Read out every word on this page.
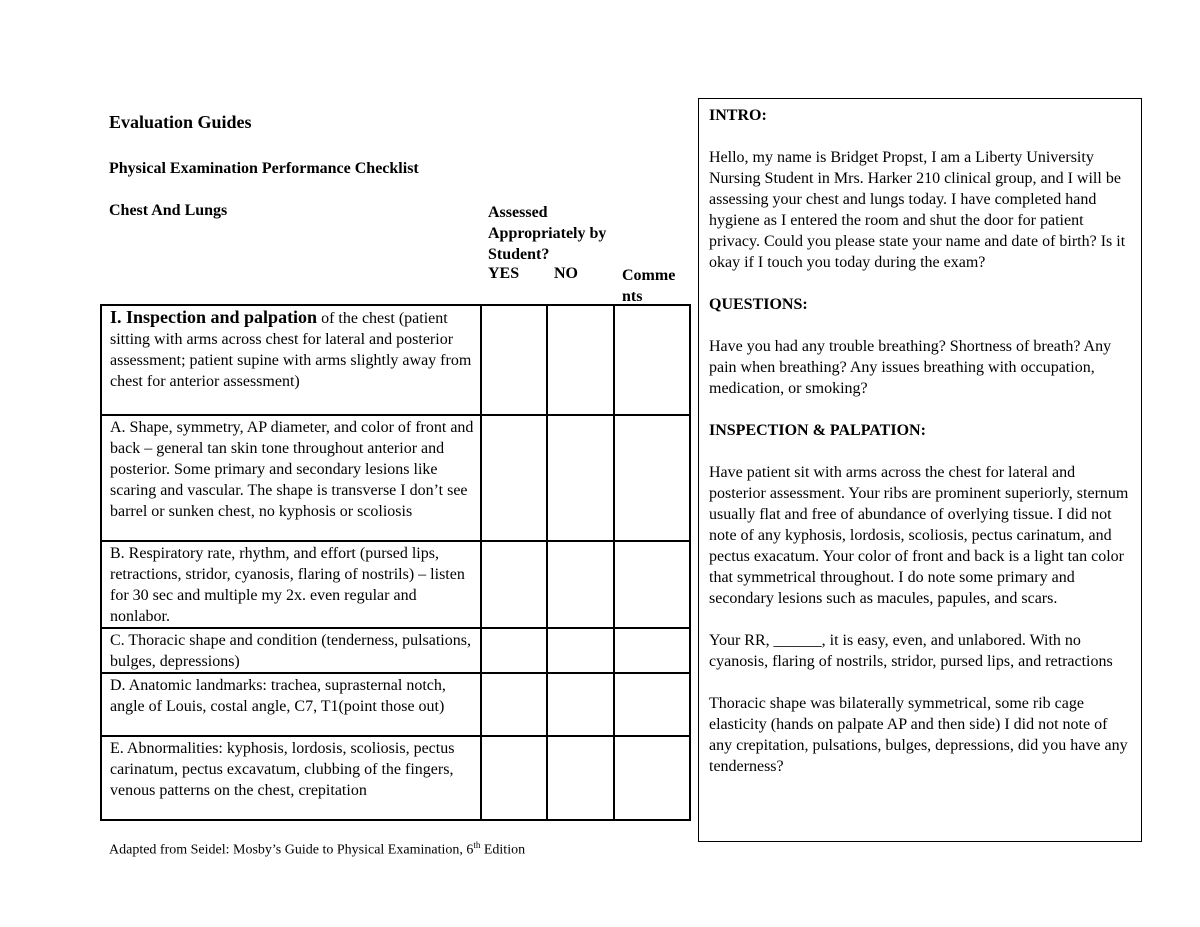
Evaluation Guides
Physical Examination Performance Checklist
Chest And Lungs	Assessed Appropriately by Student?
YES NO	Comments
I. Inspection and palpation of the chest (patient sitting with arms across chest for lateral and posterior assessment; patient supine with arms slightly away from chest for anterior assessment)			
A. Shape, symmetry, AP diameter, and color of front and back – general tan skin tone throughout anterior and posterior. Some primary and secondary lesions like scaring and vascular. The shape is transverse I don’t see barrel or sunken chest, no kyphosis or scoliosis			
B. Respiratory rate, rhythm, and effort (pursed lips, retractions, stridor, cyanosis, flaring of nostrils) – listen for 30 sec and multiple my 2x. even regular and nonlabor.			
C. Thoracic shape and condition (tenderness, pulsations, bulges, depressions)			
D. Anatomic landmarks: trachea, suprasternal notch, angle of Louis, costal angle, C7, T1(point those out)			
E. Abnormalities: kyphosis, lordosis, scoliosis, pectus carinatum, pectus excavatum, clubbing of the fingers, venous patterns on the chest, crepitation			
Adapted from Seidel: Mosby’s Guide to Physical Examination, 6th Edition

INTRO:

Hello, my name is Bridget Propst, I am a Liberty University Nursing Student in Mrs. Harker 210 clinical group, and I will be assessing your chest and lungs today. I have completed hand hygiene as I entered the room and shut the door for patient privacy. Could you please state your name and date of birth? Is it okay if I touch you today during the exam?

QUESTIONS:

Have you had any trouble breathing? Shortness of breath? Any pain when breathing? Any issues breathing with occupation, medication, or smoking?

INSPECTION & PALPATION:

Have patient sit with arms across the chest for lateral and posterior assessment. Your ribs are prominent superiorly, sternum usually flat and free of abundance of overlying tissue. I did not note of any kyphosis, lordosis, scoliosis, pectus carinatum, and pectus exacatum. Your color of front and back is a light tan color that symmetrical throughout. I do note some primary and secondary lesions such as macules, papules, and scars.

Your RR, ______, it is easy, even, and unlabored. With no cyanosis, flaring of nostrils, stridor, pursed lips, and retractions

Thoracic shape was bilaterally symmetrical, some rib cage elasticity (hands on palpate AP and then side) I did not note of any crepitation, pulsations, bulges, depressions, did you have any tenderness?
